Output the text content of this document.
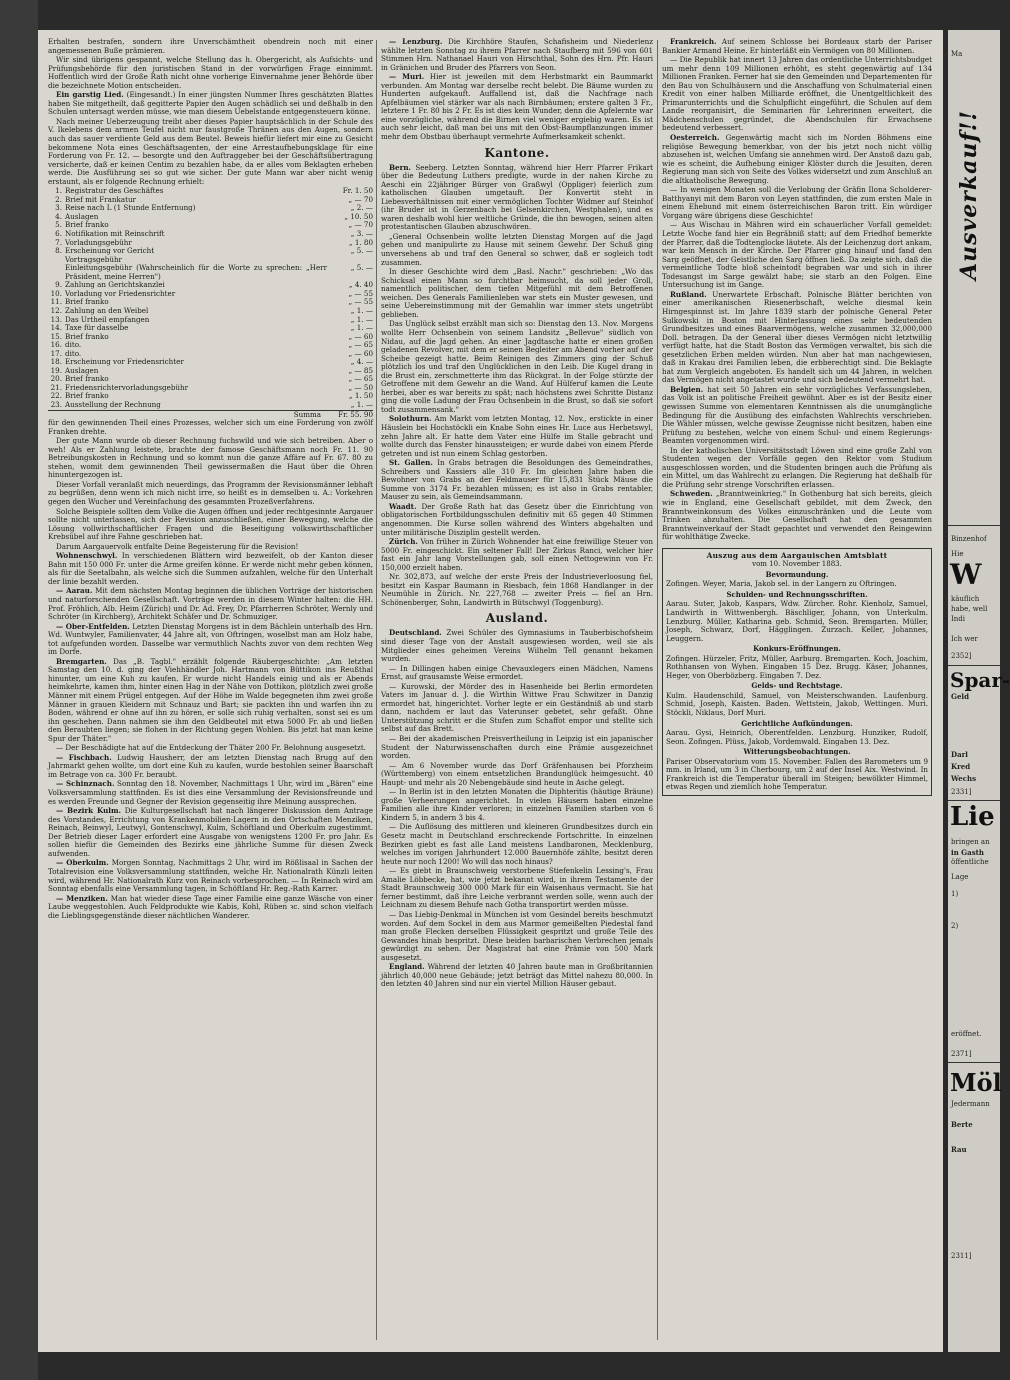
Erhalten bestrafen, sondern ihre Unverschämtheit obendrein noch mit einer angemessenen Buße prämieren.

Wir sind übrigens gespannt, welche Stellung das h. Obergericht, als Aufsichts- und Prüfungsbehörde für den juristischen Stand in der vorwürfigen Frage einnimmt. Hoffentlich wird der Große Rath nicht ohne vorherige Einvernahme jener Behörde über die bezeichnete Motion entscheiden.

Ein garstig Lied. (Eingesandt.) In einer jüngsten Nummer Ihres geschätzten Blattes haben Sie mitgetheilt, daß gegitterte Papier den Augen schädlich sei und deßhalb in den Schulen untersagt werden müsse, wie man diesem Uebelstande entgegensteuern könne.

Nach meiner Ueberzeugung treibt aber dieses Papier hauptsächlich in der Schule des V. Ikelebens dem armen Teufel nicht nur faustgroße Thränen aus den Augen, sondern auch das sauer verdiente Geld aus dem Beutel. Beweis hiefür liefert mir eine zu Gesicht bekommene Nota eines Geschäftsagenten, der eine Arrestaufhebungsklage für eine Forderung von Fr. 12. — besorgte und den Auftraggeber bei der Geschäftsübertragung versicherte, daß er keinen Centim zu bezahlen habe, da er alles vom Beklagten erheben werde. Die Ausführung sei so gut wie sicher. Der gute Mann war aber nicht wenig erstaunt, als er folgende Rechnung erhielt:

1.	Registratur des Geschäftes	Fr. 1. 50
2.	Brief mit Frankatur	„ — 70
3.	Reise nach L (1 Stunde Entfernung)	„ 2. —
4.	Auslagen	„ 10. 50
5.	Brief franko	„ — 70
6.	Notifikation mit Reinschrift	„ 3. —
7.	Vorladungsgebühr	„ 1. 80
8.	Erscheinung vor Gericht	„ 5. —
	Vortragsgebühr	
	Einleitungsgebühr (Wahrscheinlich für die Worte zu sprechen: „Herr Präsident, meine Herren")	„ 5. —
9.	Zahlung an Gerichtskanzlei	„ 4. 40
10.	Vorladung vor Friedensrichter	„ — 55
11.	Brief franko	„ — 55
12.	Zahlung an den Weibel	„ 1. —
13.	Das Urtheil empfangen	„ 1. —
14.	Taxe für dasselbe	„ 1. —
15.	Brief franko	„ — 60
16.	dito.	„ — 65
17.	dito.	„ — 60
18.	Erscheinung vor Friedensrichter	„ 4. —
19.	Auslagen	„ — 85
20.	Brief franko	„ — 65
21.	Friedensrichtervorladungsgebühr	„ — 50
22.	Brief franko	„ 1. 50
23.	Ausstellung der Rechnung	„ 1. —
	Summa	Fr. 55. 90

für den gewinnenden Theil eines Prozesses, welcher sich um eine Forderung von zwölf Franken drehte.

Der gute Mann wurde ob dieser Rechnung fuchswild und wie sich betreiben. Aber o weh! Als er Zahlung leistete, brachte der famose Geschäftsmann noch Fr. 11. 90 Betreibungskosten in Rechnung und so kommt nun die ganze Affäre auf Fr. 67. 80 zu stehen, womit dem gewinnenden Theil gewissermaßen die Haut über die Ohren hinuntergezogen ist.

Dieser Vorfall veranlaßt mich neuerdings, das Programm der Revisionsmänner lebhaft zu begrüßen, denn wenn ich mich nicht irre, so heißt es in demselben u. A.: Vorkehren gegen den Wucher und Vereinfachung des gesammten Prozeßverfahrens.

Solche Beispiele sollten dem Volke die Augen öffnen und jeder rechtgesinnte Aargauer sollte nicht unterlassen, sich der Revision anzuschließen, einer Bewegung, welche die Lösung vollwirthschaftlicher Fragen und die Beseitigung volkswirthschaftlicher Krebsübel auf ihre Fahne geschrieben hat.

Darum Aargauervolk entfalte Deine Begeisterung für die Revision!

Wohnenschwyl. In verschiedenen Blättern wird bezweifelt, ob der Kanton dieser Bahn mit 150 000 Fr. unter die Arme greifen könne. Er werde nicht mehr geben können, als für die Seetalbahn, als welche sich die Summen aufzahlen, welche für den Unterhalt der linie bezahlt werden.

— Aarau. Mit dem nächsten Montag beginnen die üblichen Vorträge der historischen und naturforschenden Gesellschaft. Vorträge werden in diesem Winter halten: die HH. Prof. Fröhlich, Alb. Heim (Zürich) und Dr. Ad. Frey, Dr. Pfarrherren Schröter, Wernly und Schröter (in Kirchberg), Architekt Schäfer und Dr. Schmuziger.

— Ober-Entfelden. Letzten Dienstag Morgens ist in dem Bächlein unterhalb des Hrn. Wd. Wuntwyler, Familienvater, 44 Jahre alt, von Oftringen, woselbst man am Holz habe, tot aufgefunden worden. Dasselbe war vermuthlich Nachts zuvor von dem rechten Weg im Dorfe.

Bremgarten. Das „B. Tagbl." erzählt folgende Räubergeschichte: „Am letzten Samstag den 10. d. ging der Viehhändler Joh. Hartmann von Büttikon ins Reußthal hinunter, um eine Kuh zu kaufen. Er wurde nicht Handels einig und als er Abends heimkehrte, kamen ihm, hinter einen Hag in der Nähe von Dottikon, plötzlich zwei große Männer mit einem Prügel entgegen. Auf der Höhe im Walde begegneten ihm zwei große Männer in grauen Kleidern mit Schnauz und Bart; sie packten ihn und warfen ihn zu Boden, während er ohne auf ihn zu hören, er solle sich ruhig verhalten, sonst sei es um ihn geschehen. Dann nahmen sie ihm den Geldbeutel mit etwa 5000 Fr. ab und ließen den Beraubten liegen; sie flohen in der Richtung gegen Wohlen. Bis jetzt hat man keine Spur der Thäter."

— Der Beschädigte hat auf die Entdeckung der Thäter 200 Fr. Belohnung ausgesetzt.

— Fischbach. Ludwig Hausherr, der am letzten Dienstag nach Brugg auf den Jahrmarkt gehen wollte, um dort eine Kuh zu kaufen, wurde bestohlen seiner Baarschaft im Betrage von ca. 300 Fr. beraubt.

— Schinznach. Sonntag den 18. November, Nachmittags 1 Uhr, wird im „Bären" eine Volksversammlung stattfinden. Es ist dies eine Versammlung der Revisionsfreunde und es werden Freunde und Gegner der Revision gegenseitig ihre Meinung aussprechen.

— Bezirk Kulm. Die Kulturgesellschaft hat nach längerer Diskussion dem Antrage des Vorstandes, Errichtung von Krankenmobilien-Lagern in den Ortschaften Menziken, Reinach, Beinwyl, Leutwyl, Gontenschwyl, Kulm, Schöftland und Oberkulm zugestimmt. Der Betrieb dieser Lager erfordert eine Ausgabe von wenigstens 1200 Fr. pro Jahr. Es sollen hiefür die Gemeinden des Bezirks eine jährliche Summe für diesen Zweck aufwenden.

— Oberkulm. Morgen Sonntag, Nachmittags 2 Uhr, wird im Rößlisaal in Sachen der Totalrevision eine Volksversammlung stattfinden, welche Hr. Nationalrath Künzli leiten wird, während Hr. Nationalrath Kurz von Reinach vorbesprochen. — In Reinach wird am Sonntag ebenfalls eine Versammlung tagen, in Schöftland Hr. Reg.-Rath Karrer.

— Menziken. Man hat wieder diese Tage einer Familie eine ganze Wäsche von einer Laube weggestohlen. Auch Feldprodukte wie Kabis, Kohl, Rüben ꝛc. sind schon vielfach die Lieblingsgegenstände dieser nächtlichen Wanderer.

— Lenzburg. Die Kirchhöre Staufen, Schafisheim und Niederlenz wählte letzten Sonntag zu ihrem Pfarrer nach Staufberg mit 596 von 601 Stimmen Hrn. Nathanael Hauri von Hirschthal, Sohn des Hrn. Pfr. Hauri in Gränichen und Bruder des Pfarrers von Seon.

— Muri. Hier ist jeweilen mit dem Herbstmarkt ein Baummarkt verbunden. Am Montag war derselbe recht belebt. Die Bäume wurden zu Hunderten aufgekauft. Auffallend ist, daß die Nachfrage nach Apfelbäumen viel stärker war als nach Birnbäumen; erstere galten 3 Fr., letztere 1 Fr. 80 bis 2 Fr. Es ist dies kein Wunder, denn die Apfelernte war eine vorzügliche, während die Birnen viel weniger ergiebig waren. Es ist auch sehr leicht, daß man bei uns mit den Obst-Baumpflanzungen immer mehr dem Obstbau überhaupt vermehrte Aufmerksamkeit schenkt.

Kantone.

Bern. Seeberg. Letzten Sonntag, während hier Herr Pfarrer Frikart über die Bedeutung Luthers predigte, wurde in der nahen Kirche zu Aeschi ein 22jähriger Bürger von Graßwyl (Oppliger) feierlich zum katholischen Glauben umgetauft. Der Konvertit steht in Liebesverhältnissen mit einer vermöglichen Tochter Widmer auf Steinhof (ihr Bruder ist in Gerzenbach bei Gelsenkirchen, Westphalen), und es waren deshalb wohl hier weltliche Gründe, die ihn bewogen, seinen alten protestantischen Glauben abzuschwören.

„General Ochsenbein wollte letzten Dienstag Morgen auf die Jagd gehen und manipulirte zu Hause mit seinem Gewehr. Der Schuß ging unversehens ab und traf den General so schwer, daß er sogleich todt zusammen.

In dieser Geschichte wird dem „Basl. Nachr." geschrieben: „Wo das Schicksal einen Mann so furchtbar heimsucht, da soll jeder Groll, namentlich politischer, dem tiefen Mitgefühl mit dem Betroffenen weichen. Des Generals Familienleben war stets ein Muster gewesen, und seine Uebereinstimmung mit der Gemahlin war immer stets ungetrübt geblieben.

Das Unglück selbst erzählt man sich so: Dienstag den 13. Nov. Morgens wollte Herr Ochsenbein von seinem Landsitz „Bellevue" südlich von Nidau, auf die Jagd gehen. An einer Jagdtasche hatte er einen großen geladenen Revolver, mit dem er seinen Begleiter am Abend vorher auf der Scheibe gezeigt hatte. Beim Reinigen des Zimmers ging der Schuß plötzlich los und traf den Unglücklichen in den Leib. Die Kugel drang in die Brust ein, zerschmetterte ihm das Rückgrat. In der Folge stürzte der Getroffene mit dem Gewehr an die Wand. Auf Hülferuf kamen die Leute herbei, aber es war bereits zu spät; nach höchstens zwei Schritte Distanz ging die volle Ladung der Frau Ochsenbein in die Brust, so daß sie sofort todt zusammensank."

Solothurn. Am Markt vom letzten Montag, 12. Nov., erstickte in einer Häuslein bei Hochstöckli ein Knabe Sohn eines Hr. Luce aus Herbetswyl, zehn Jahre alt. Er hatte dem Vater eine Hülfe im Stalle gebracht und wollte durch das Fenster hinaussteigen; er wurde dabei von einem Pferde getreten und ist nun einem Schlag gestorben.

St. Gallen. In Grabs betragen die Besoldungen des Gemeindrathes, Schreibers und Kassiers alle 310 Fr. Im gleichen Jahre haben die Bewohner von Grabs an der Feldmauser für 15,831 Stück Mäuse die Summe von 3174 Fr. bezahlen müssen; es ist also in Grabs rentabler, Mauser zu sein, als Gemeindsammann.

Waadt. Der Große Rath hat das Gesetz über die Einrichtung von obligatorischen Fortbildungsschulen definitiv mit 65 gegen 40 Stimmen angenommen. Die Kurse sollen während des Winters abgehalten und unter militärische Disziplin gestellt werden.

Zürich. Von früher in Zürich Wohnender hat eine freiwillige Steuer von 5000 Fr. eingeschickt. Ein seltener Fall! Der Zirkus Ranci, welcher hier fast ein Jahr lang Vorstellungen gab, soll einen Nettogewinn von Fr. 150,000 erzielt haben.

Nr. 302,873, auf welche der erste Preis der Industrieverloosung fiel, besitzt ein Kaspar Baumann in Riesbach, fein 1868 Handlanger in der Neumühle in Zürich. Nr. 227,768 — zweiter Preis — fiel an Hrn. Schönenberger, Sohn, Landwirth in Bütschwyl (Toggenburg).

Ausland.

Deutschland. Zwei Schüler des Gymnasiums in Tauberbischofsheim sind dieser Tage von der Anstalt ausgewiesen worden, weil sie als Mitglieder eines geheimen Vereins Wilhelm Tell genannt bekamen wurden.

— In Dillingen haben einige Chevauxlegers einen Mädchen, Namens Ernst, auf grausamste Weise ermordet.

— Kurowski, der Mörder des in Hasenheide bei Berlin ermordeten Vaters im Januar d. J. die Wirthin Wittwe Frau Schwitzer in Danzig ermordet hat, hingerichtet. Vorher legte er ein Geständniß ab und starb dann, nachdem er laut das Vaterunser gebetet, sehr gefaßt. Ohne Unterstützung schritt er die Stufen zum Schaffot empor und stellte sich selbst auf das Brett.

— Bei der akademischen Preisvertheilung in Leipzig ist ein japanischer Student der Naturwissenschaften durch eine Prämie ausgezeichnet worden.

— Am 6 November wurde das Dorf Gräfenhausen bei Pforzheim (Württemberg) von einem entsetzlichen Brandunglück heimgesucht. 40 Haupt- und mehr als 20 Nebengebäude sind heute in Asche gelegt.

— In Berlin ist in den letzten Monaten die Diphteritis (häutige Bräune) große Verheerungen angerichtet. In vielen Häusern haben einzelne Familien alle ihre Kinder verloren; in einzelnen Familien starben von 6 Kindern 5, in andern 3 bis 4.

— Die Auflösung des mittleren und kleineren Grundbesitzes durch ein Gesetz macht in Deutschland erschreckende Fortschritte. In einzelnen Bezirken giebt es fast alle Land meistens Landbaronen, Mecklenburg, welches im vorigen Jahrhundert 12.000 Bauernhöfe zählte, besitzt deren heute nur noch 1200! Wo will das noch hinaus?

— Es giebt in Braunschweig verstorbene Stiefenkelin Lessing's, Frau Amalie Löbbecke, hat, wie jetzt bekannt wird, in ihrem Testamente der Stadt Braunschweig 300 000 Mark für ein Waisenhaus vermacht. Sie hat ferner bestimmt, daß ihre Leiche verbrannt werden solle, wenn auch der Leichnam zu diesem Behufe nach Gotha transportirt werden müsse.

— Das Liebig-Denkmal in München ist vom Gesindel bereits beschmutzt worden. Auf dem Sockel in dem aus Marmor gemeißelten Piedestal fand man große Flecken derselben Flüssigkeit gespritzt und große Teile des Gewandes hinab bespritzt. Diese beiden barbarischen Verbrechen jemals gewürdigt zu sehen. Der Magistrat hat eine Prämie von 500 Mark ausgesetzt.

England. Während der letzten 40 Jahren baute man in Großbritannien jährlich 40,000 neue Gebäude; jetzt beträgt das Mittel nahezu 80,000. In den letzten 40 Jahren sind nur ein viertel Million Häuser gebaut.

Frankreich. Auf seinem Schlosse bei Bordeaux starb der Pariser Bankier Armand Heine. Er hinterläßt ein Vermögen von 80 Millionen.

— Die Republik hat innert 13 Jahren das ordentliche Unterrichtsbudget um mehr denn 109 Millionen erhöht, es steht gegenwärtig auf 134 Millionen Franken. Ferner hat sie den Gemeinden und Departementen für den Bau von Schulhäusern und die Anschaffung von Schulmaterial einen Kredit von einer halben Milliarde eröffnet, die Unentgeltlichkeit des Primarunterrichts und die Schulpflicht eingeführt, die Schulen auf dem Lande reorganisirt, die Seminarien für Lehrerinnen erweitert, die Mädchenschulen gegründet, die Abendschulen für Erwachsene bedeutend verbessert.

Oesterreich. Gegenwärtig macht sich im Norden Böhmens eine religiöse Bewegung bemerkbar, von der bis jetzt noch nicht völlig abzusehen ist, welchen Umfang sie annehmen wird. Der Anstoß dazu gab, wie es scheint, die Aufhebung einiger Klöster durch die Jesuiten, deren Regierung man sich von Seite des Volkes widersetzt und zum Anschluß an die altkatholische Bewegung.

— In wenigen Monaten soll die Verlobung der Gräfin Ilona Scholderer-Batthyanyi mit dem Baron von Leyen stattfinden, die zum ersten Male in einem Ehebund mit einem österreichischen Baron tritt. Ein würdiger Vorgang wäre übrigens diese Geschichte!

— Aus Wischau in Mähren wird ein schauerlicher Vorfall gemeldet: Letzte Woche fand hier ein Begräbniß statt; auf dem Friedhof bemerkte der Pfarrer, daß die Todtenglocke läutete. Als der Leichenzug dort ankam, war kein Mensch in der Kirche. Der Pfarrer ging hinauf und fand den Sarg geöffnet, der Geistliche den Sarg öffnen ließ. Da zeigte sich, daß die vermeintliche Todte bloß scheintodt begraben war und sich in ihrer Todesangst im Sarge gewälzt habe; sie starb an den Folgen. Eine Untersuchung ist im Gange.

Rußland. Unerwartete Erbschaft. Polnische Blätter berichten von einer amerikanischen Riesenerbschaft, welche diesmal kein Hirngespinnst ist. Im Jahre 1839 starb der polnische General Peter Sulkowski in Boston mit Hinterlassung eines sehr bedeutenden Grundbesitzes und eines Baarvermögens, welche zusammen 32,000,000 Doll. betragen. Da der General über dieses Vermögen nicht letztwillig verfügt hatte, hat die Stadt Boston das Vermögen verwaltet, bis sich die gesetzlichen Erben melden würden. Nun aber hat man nachgewiesen, daß in Krakau drei Familien leben, die erbberechtigt sind. Die Beklagte hat zum Vergleich angeboten. Es handelt sich um 44 Jahren, in welchen das Vermögen nicht angetastet wurde und sich bedeutend vermehrt hat.

Belgien. hat seit 50 Jahren ein sehr vorzügliches Verfassungsleben, das Volk ist an politische Freiheit gewöhnt. Aber es ist der Besitz einer gewissen Summe von elementaren Kenntnissen als die unumgängliche Bedingung für die Ausübung des einfachsten Wahlrechts verschrieben. Die Wähler müssen, welche gewisse Zeugnisse nicht besitzen, haben eine Prüfung zu bestehen, welche von einem Schul- und einem Regierungs-Beamten vorgenommen wird.

In der katholischen Universitätsstadt Löwen sind eine große Zahl von Studenten wegen der Vorfälle gegen den Rektor vom Studium ausgeschlossen worden, und die Studenten bringen auch die Prüfung als ein Mittel, um das Wahlrecht zu erlangen. Die Regierung hat deßhalb für die Prüfung sehr strenge Vorschriften erlassen.

Schweden. „Branntweinkrieg." In Gothenburg hat sich bereits, gleich wie in England, eine Gesellschaft gebildet, mit dem Zweck, den Branntweinkonsum des Volkes einzuschränken und die Leute vom Trinken abzuhalten. Die Gesellschaft hat den gesammten Branntweinverkauf der Stadt gepachtet und verwendet den Reingewinn für wohlthätige Zwecke.

Auszug aus dem Aargauischen Amtsblatt
vom 10. November 1883.
Bevormundung.

Zofingen. Weyer, Maria, Jakob sel. in der Langern zu Oftringen.

Schulden- und Rechnungsschriften.

Aarau. Suter, Jakob, Kaspars, Wdw. Zürcher. Rohr. Kienholz, Samuel, Landwirth in Wittwenbergh. Bäschliger, Johann, von Unterkulm. Lenzburg. Müller, Katharina geb. Schmid, Seon. Bremgarten. Müller, Joseph, Schwarz, Dorf, Hägglingen. Zurzach. Keller, Johannes, Leuggern.

Konkurs-Eröffnungen.

Zofingen. Hürzeler, Fritz, Müller, Aarburg. Bremgarten. Koch, Joachim, Rothhansen von Wyhen. Eingaben 15 Dez. Brugg. Käser, Johannes, Heger, von Oberbözberg. Eingaben 7. Dez.

Gelds- und Rechtstage.

Kulm. Haudenschild, Samuel, von Meisterschwanden. Laufenburg. Schmid, Joseph, Kaisten. Baden. Wettstein, Jakob, Wettingen. Muri. Stöckli, Niklaus, Dorf Muri.

Gerichtliche Aufkündungen.

Aarau. Gysi, Heinrich, Oberentfelden. Lenzburg. Hunziker, Rudolf, Seon. Zofingen. Plüss, Jakob, Vordemwald. Eingaben 13. Dez.

Witterungsbeobachtungen.

Pariser Observatorium vom 15. November. Fallen des Barometers um 9 mm. in Irland, um 3 in Cherbourg, um 2 auf der Insel Aix. Westwind. In Frankreich ist die Temperatur überall im Steigen; bewölkter Himmel, etwas Regen und ziemlich hohe Temperatur.

Ma
Ausverkauf!!
Binzenhof
Hie
W
käuflich
habe, well
Indi
Ich wer
2352]
Spar-
Geld
Darl
Kred
Wechs
2331]
Lie
bringen an
in Gasth
öffentliche
Lage
1)
2)
eröffnet.
2371]
Möl
Jedermann
Berte
Rau
2311]
